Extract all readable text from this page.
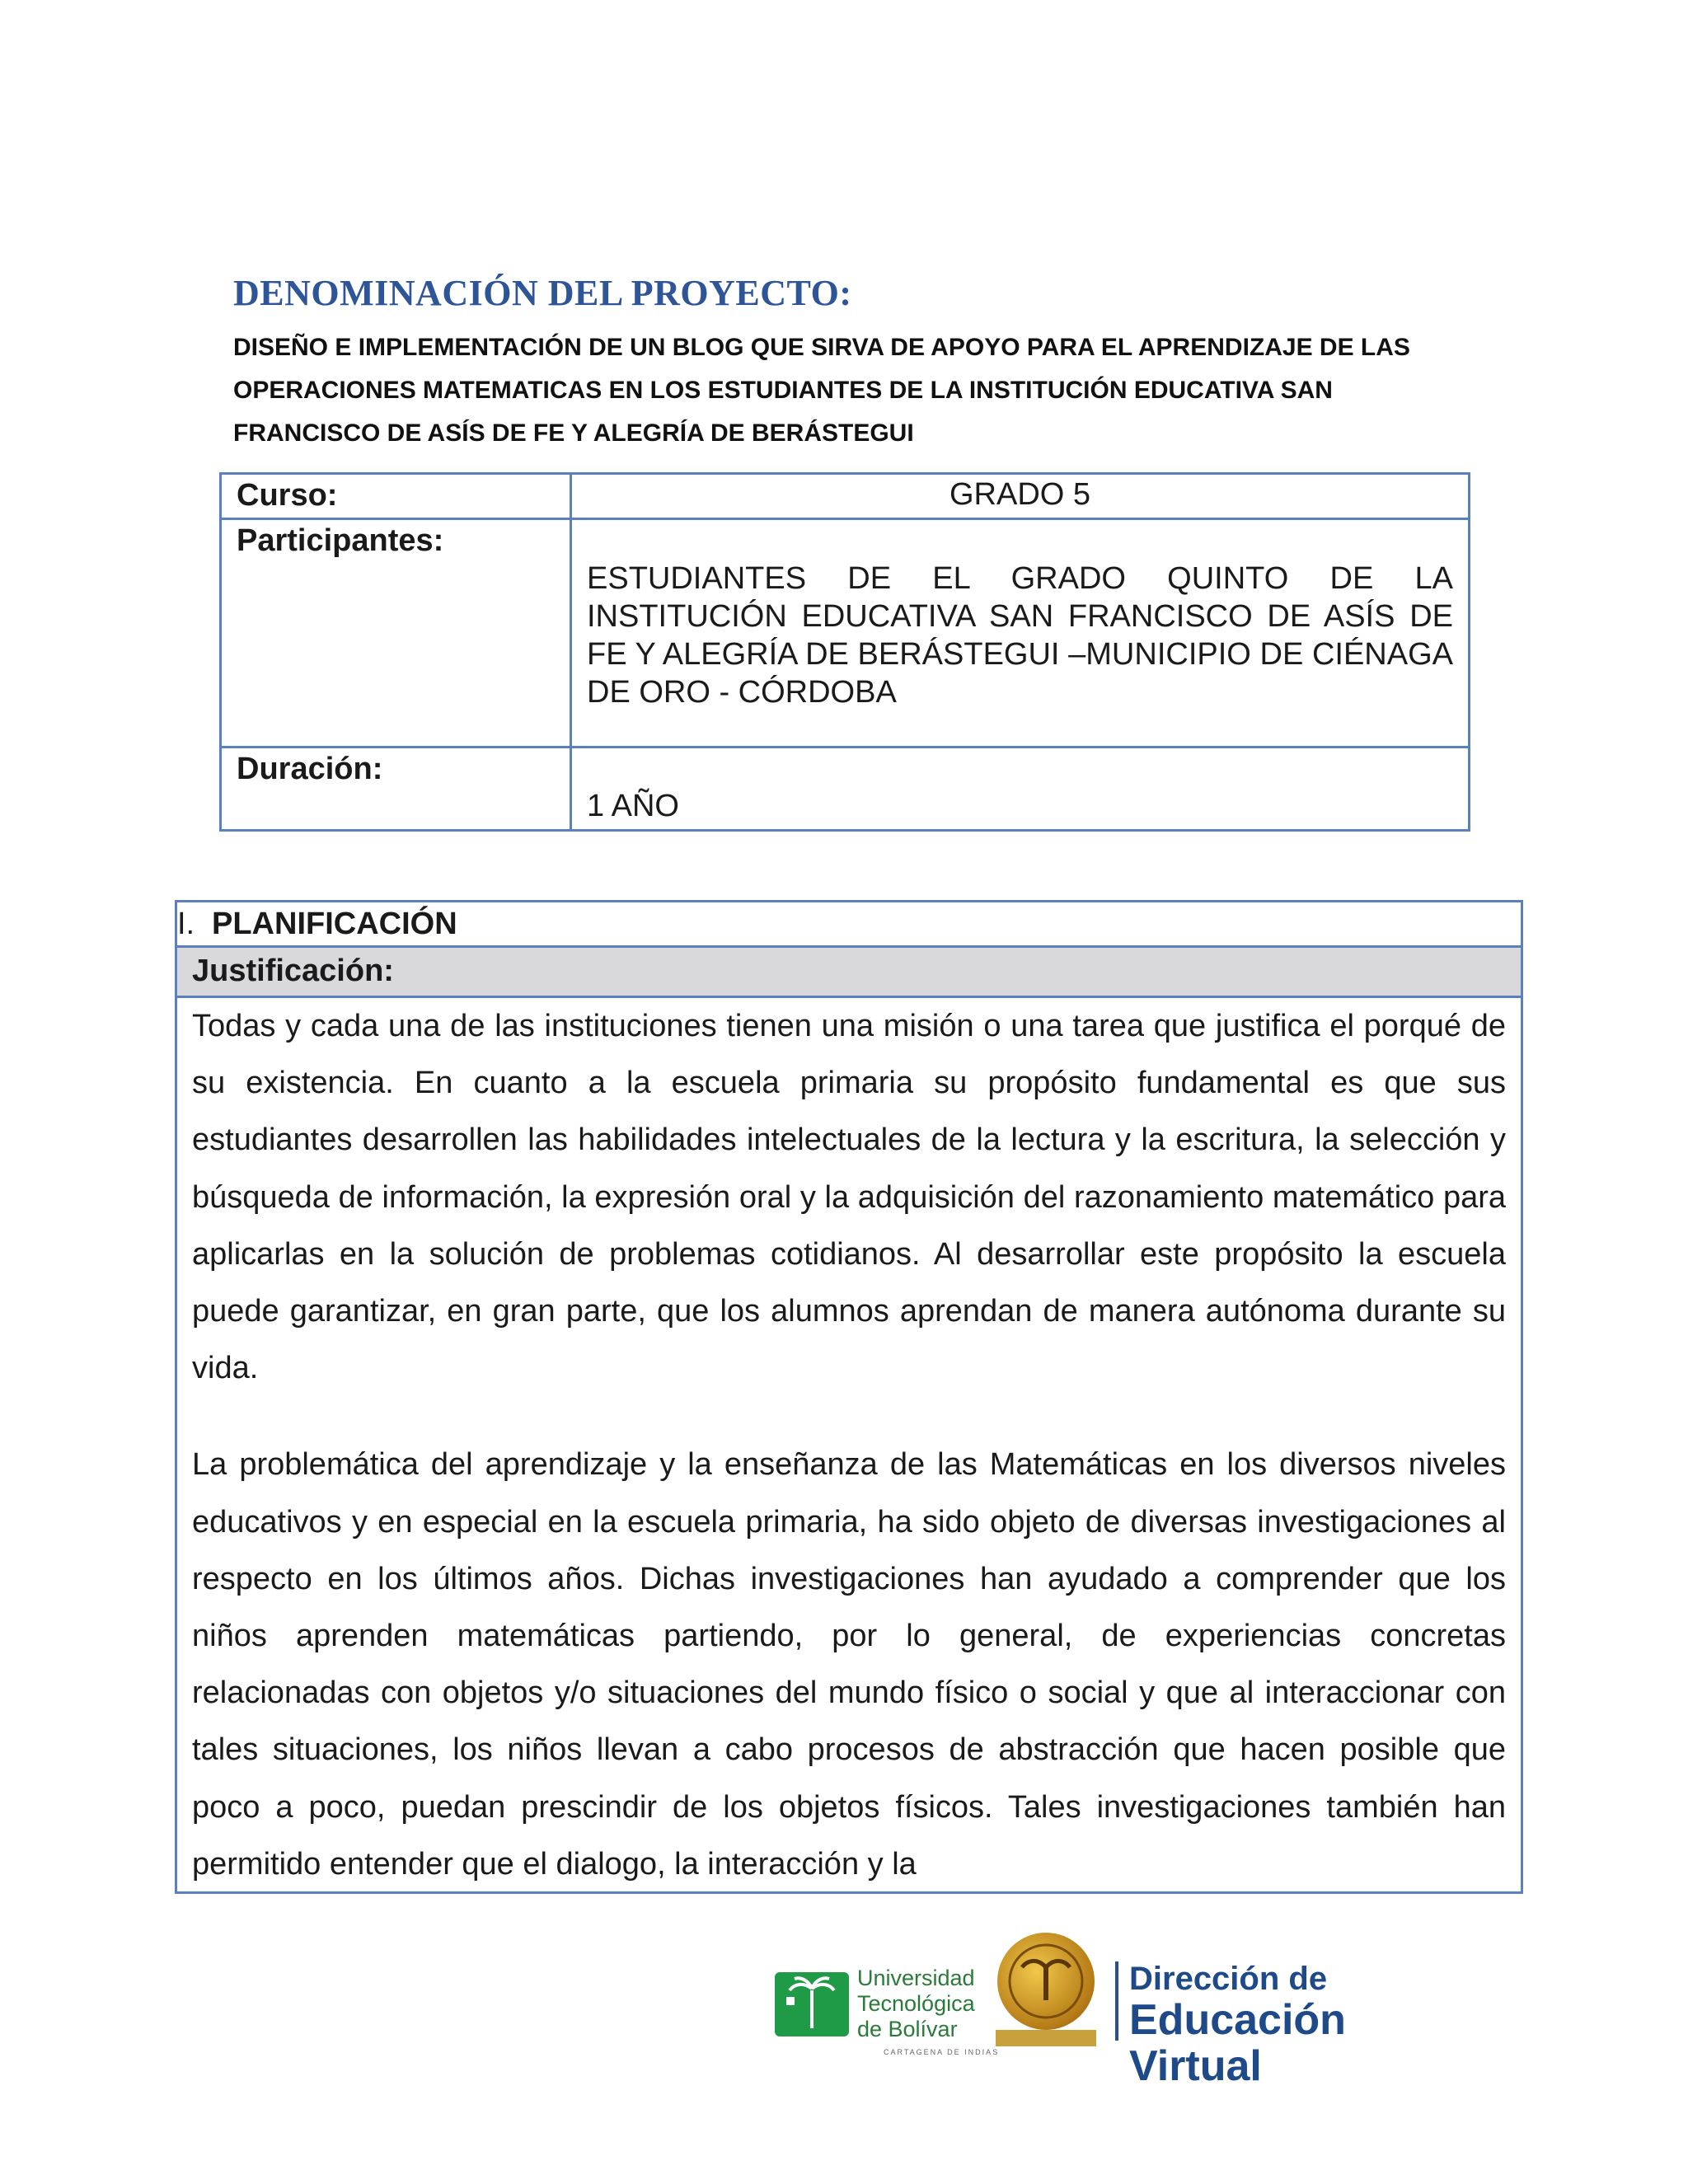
DENOMINACIÓN DEL PROYECTO:

DISEÑO E IMPLEMENTACIÓN DE UN BLOG QUE SIRVA DE APOYO PARA EL APRENDIZAJE DE LAS OPERACIONES MATEMATICAS EN LOS ESTUDIANTES DE LA INSTITUCIÓN EDUCATIVA SAN FRANCISCO DE ASÍS DE FE Y ALEGRÍA DE BERÁSTEGUI

Curso:	GRADO 5
Participantes:	ESTUDIANTES DE EL GRADO QUINTO DE LA INSTITUCIÓN EDUCATIVA SAN FRANCISCO DE ASÍS DE FE Y ALEGRÍA DE BERÁSTEGUI –MUNICIPIO DE CIÉNAGA DE ORO - CÓRDOBA

Duración:	1 AÑO
I. PLANIFICACIÓN
Justificación:

Todas y cada una de las instituciones tienen una misión o una tarea que justifica el porqué de su existencia. En cuanto a la escuela primaria su propósito fundamental es que sus estudiantes desarrollen las habilidades intelectuales de la lectura y la escritura, la selección y búsqueda de información, la expresión oral y la adquisición del razonamiento matemático para aplicarlas en la solución de problemas cotidianos. Al desarrollar este propósito la escuela puede garantizar, en gran parte, que los alumnos aprendan de manera autónoma durante su vida.

La problemática del aprendizaje y la enseñanza de las Matemáticas en los diversos niveles educativos y en especial en la escuela primaria, ha sido objeto de diversas investigaciones al respecto en los últimos años. Dichas investigaciones han ayudado a comprender que los niños aprenden matemáticas partiendo, por lo general, de experiencias concretas relacionadas con objetos y/o situaciones del mundo físico o social y que al interaccionar con tales situaciones, los niños llevan a cabo procesos de abstracción que hacen posible que poco a poco, puedan prescindir de los objetos físicos. Tales investigaciones también han permitido entender que el dialogo, la interacción y la

Universidad
Tecnológica
de Bolívar
CARTAGENA DE INDIAS
Dirección de
Educación Virtual
